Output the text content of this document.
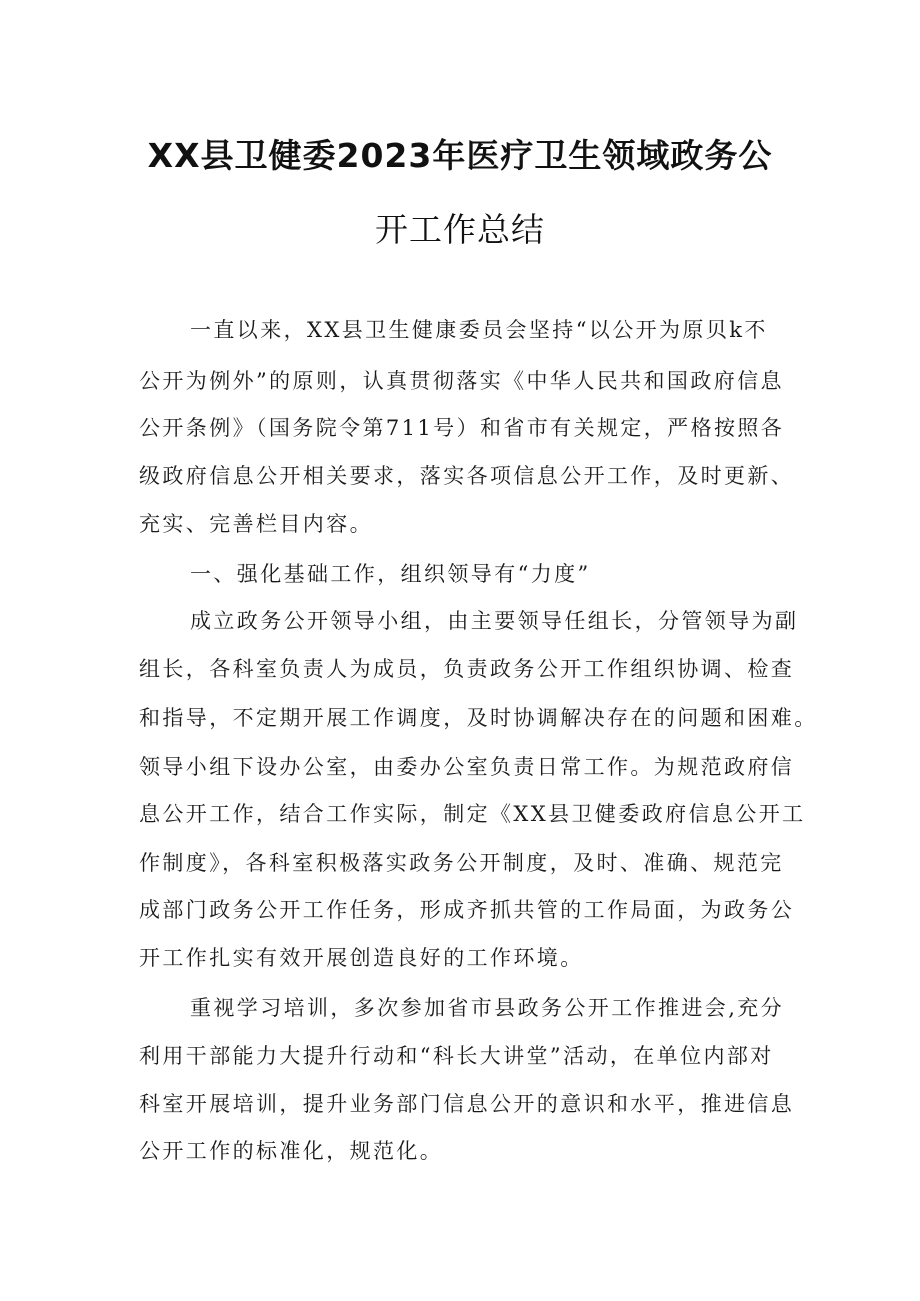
XX县卫健委2023年医疗卫生领域政务公
开工作总结
一直以来，XX县卫生健康委员会坚持“以公开为原贝k不
公开为例外”的原则，认真贯彻落实《中华人民共和国政府信息
公开条例》（国务院令第711号）和省市有关规定，严格按照各
级政府信息公开相关要求，落实各项信息公开工作，及时更新、
充实、完善栏目内容。
一、强化基础工作，组织领导有“力度”
成立政务公开领导小组，由主要领导任组长，分管领导为副
组长，各科室负责人为成员，负责政务公开工作组织协调、检查
和指导，不定期开展工作调度，及时协调解决存在的问题和困难。
领导小组下设办公室，由委办公室负责日常工作。为规范政府信
息公开工作，结合工作实际，制定《XX县卫健委政府信息公开工
作制度》，各科室积极落实政务公开制度，及时、准确、规范完
成部门政务公开工作任务，形成齐抓共管的工作局面，为政务公
开工作扎实有效开展创造良好的工作环境。
重视学习培训，多次参加省市县政务公开工作推进会,充分
利用干部能力大提升行动和“科长大讲堂”活动，在单位内部对
科室开展培训，提升业务部门信息公开的意识和水平，推进信息
公开工作的标准化，规范化。
